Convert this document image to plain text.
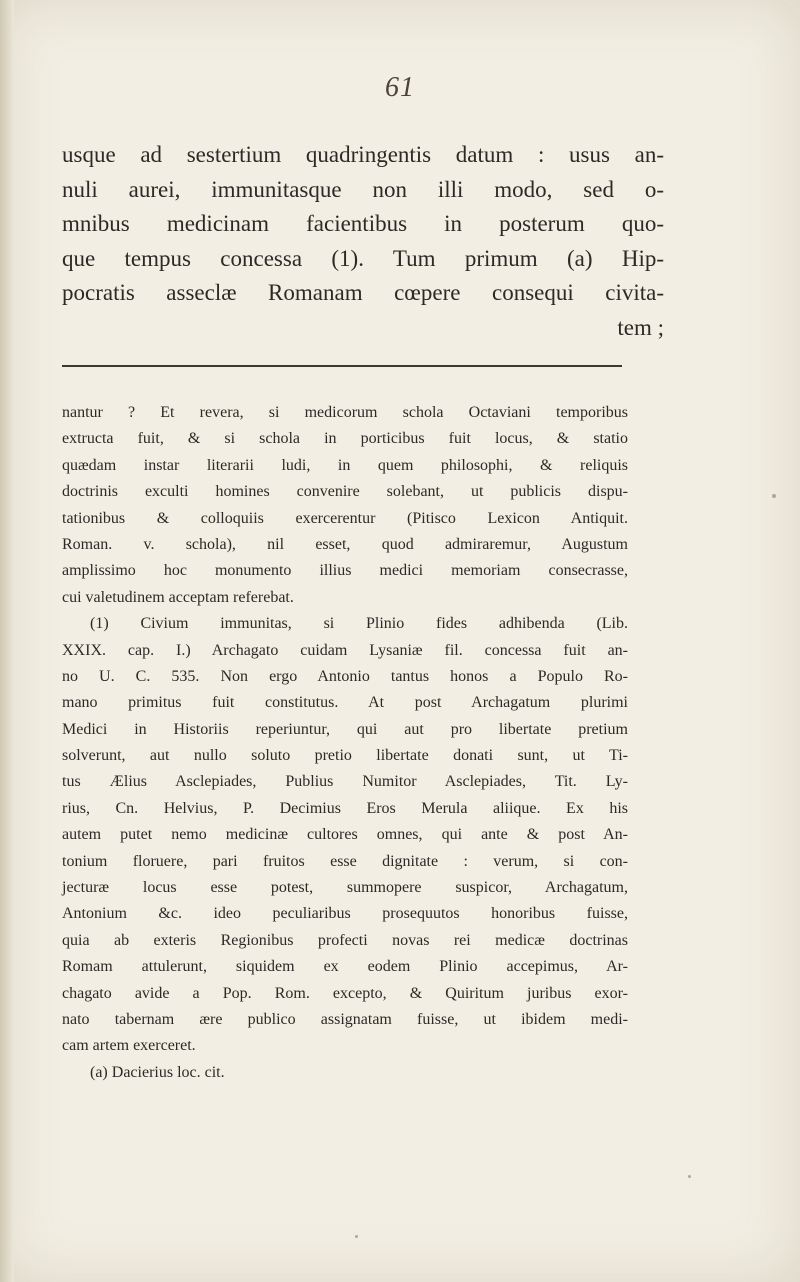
61
usque ad sestertium quadringentis datum : usus an-
nuli aurei, immunitasque non illi modo, sed o-
mnibus medicinam facientibus in posterum quo-
que tempus concessa (1). Tum primum (a) Hip-
pocratis asseclæ Romanam cœpere consequi civita-
tem ;
nantur ? Et revera, si medicorum schola Octaviani temporibus
extructa fuit, & si schola in porticibus fuit locus, & statio
quædam instar literarii ludi, in quem philosophi, & reliquis
doctrinis exculti homines convenire solebant, ut publicis dispu-
tationibus & colloquiis exercerentur (Pitisco Lexicon Antiquit.
Roman. v. schola), nil esset, quod admiraremur, Augustum
amplissimo hoc monumento illius medici memoriam consecrasse,
cui valetudinem acceptam referebat.
(1) Civium immunitas, si Plinio fides adhibenda (Lib.
XXIX. cap. I.) Archagato cuidam Lysaniæ fil. concessa fuit an-
no U. C. 535. Non ergo Antonio tantus honos a Populo Ro-
mano primitus fuit constitutus. At post Archagatum plurimi
Medici in Historiis reperiuntur, qui aut pro libertate pretium
solverunt, aut nullo soluto pretio libertate donati sunt, ut Ti-
tus Ælius Asclepiades, Publius Numitor Asclepiades, Tit. Ly-
rius, Cn. Helvius, P. Decimius Eros Merula aliique. Ex his
autem putet nemo medicinæ cultores omnes, qui ante & post An-
tonium floruere, pari fruitos esse dignitate : verum, si con-
jecturæ locus esse potest, summopere suspicor, Archagatum,
Antonium &c. ideo peculiaribus prosequutos honoribus fuisse,
quia ab exteris Regionibus profecti novas rei medicæ doctrinas
Romam attulerunt, siquidem ex eodem Plinio accepimus, Ar-
chagato avide a Pop. Rom. excepto, & Quiritum juribus exor-
nato tabernam ære publico assignatam fuisse, ut ibidem medi-
cam artem exerceret.
(a) Dacierius loc. cit.
